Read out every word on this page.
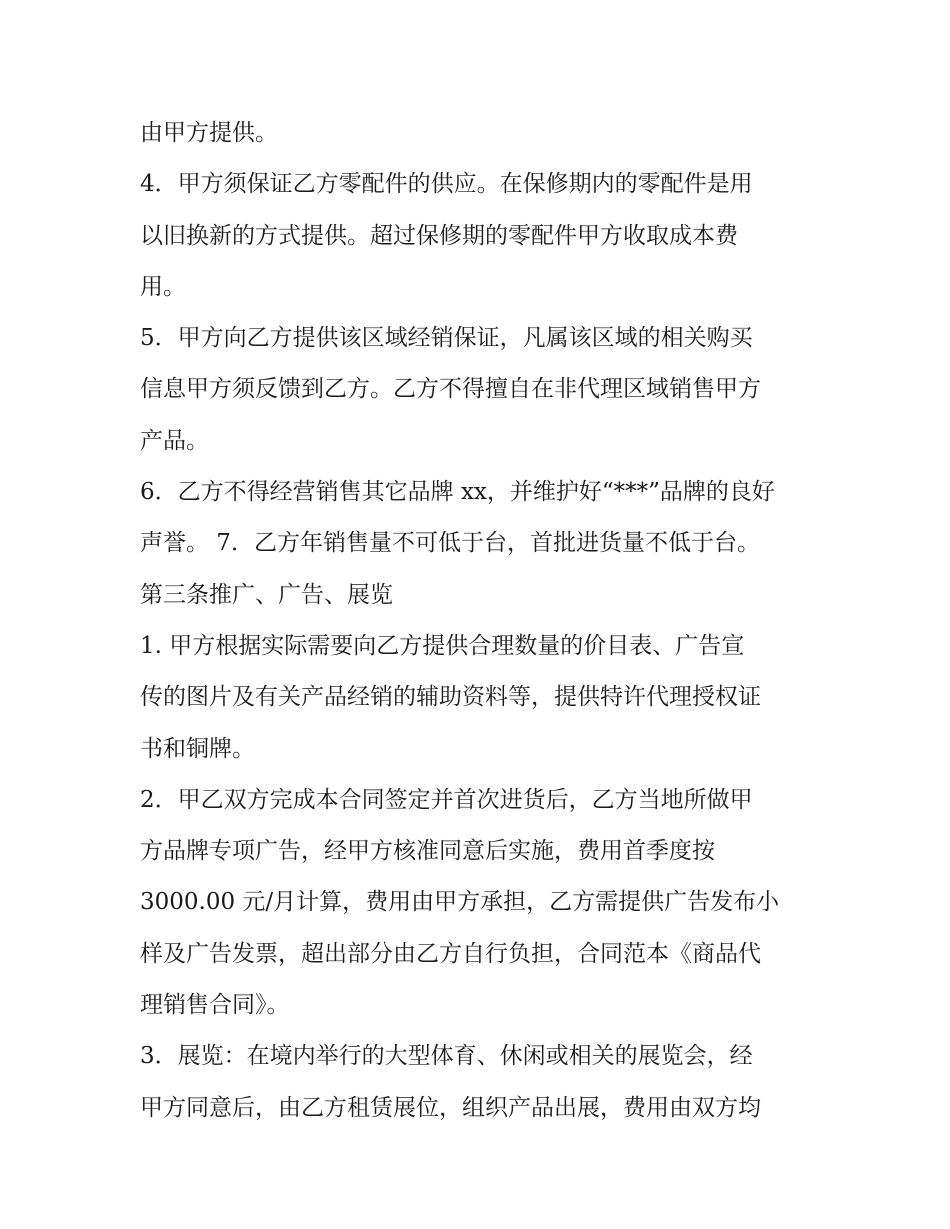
由甲方提供。
4．甲方须保证乙方零配件的供应。在保修期内的零配件是用
以旧换新的方式提供。超过保修期的零配件甲方收取成本费
用。
5．甲方向乙方提供该区域经销保证，凡属该区域的相关购买
信息甲方须反馈到乙方。乙方不得擅自在非代理区域销售甲方
产品。
6．乙方不得经营销售其它品牌 xx，并维护好“***”品牌的良好
声誉。 7．乙方年销售量不可低于台，首批进货量不低于台。
第三条推广、广告、展览
1. 甲方根据实际需要向乙方提供合理数量的价目表、广告宣
传的图片及有关产品经销的辅助资料等，提供特许代理授权证
书和铜牌。
2．甲乙双方完成本合同签定并首次进货后，乙方当地所做甲
方品牌专项广告，经甲方核准同意后实施，费用首季度按
3000.00 元/月计算，费用由甲方承担，乙方需提供广告发布小
样及广告发票，超出部分由乙方自行负担，合同范本《商品代
理销售合同》。
3．展览：在境内举行的大型体育、休闲或相关的展览会，经
甲方同意后，由乙方租赁展位，组织产品出展，费用由双方均
